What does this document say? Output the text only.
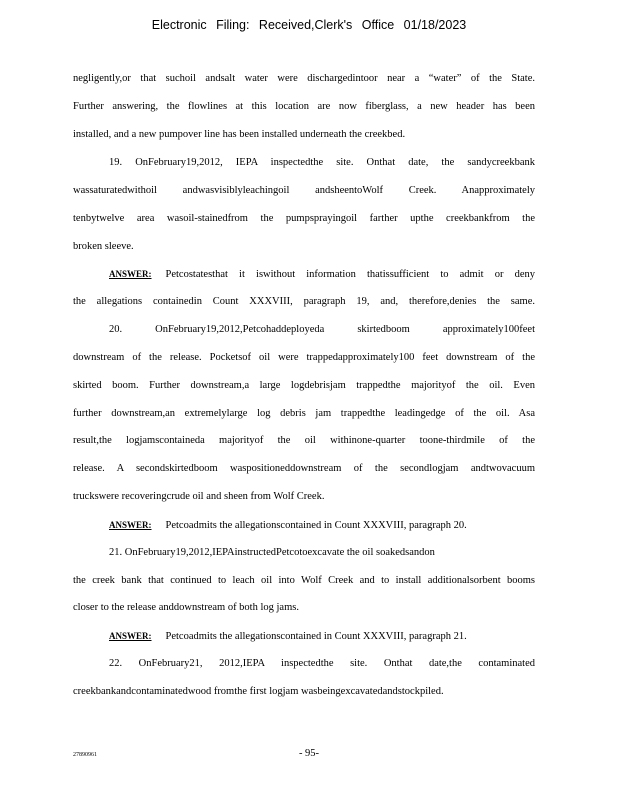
Electronic Filing: Received,Clerk's Office 01/18/2023
negligently,or that suchoil andsalt water were dischargedintoor near a “water” of the State.
Further answering, the flowlines at this location are now fiberglass, a new header has been
installed, and a new pumpover line has been installed underneath the creekbed.
19. OnFebruary19,2012, IEPA inspectedthe site. Onthat date, the sandycreekbank
wassaturatedwithoil andwasvisiblyleachingoil andsheentoWolf Creek. Anapproximately
tenbytwelve area wasoil-stainedfrom the pumpsprayingoil farther upthe creekbankfrom the
broken sleeve.
ANSWER: Petcostatesthat it iswithout information thatissufficient to admit or deny
the allegations containedin Count XXXVIII, paragraph 19, and, therefore,denies the same.
20. OnFebruary19,2012,Petcohaddeployeda skirtedboom approximately100feet
downstream of the release. Pocketsof oil were trappedapproximately100 feet downstream of the
skirted boom. Further downstream,a large logdebrisjam trappedthe majorityof the oil. Even
further downstream,an extremelylarge log debris jam trappedthe leadingedge of the oil. Asa
result,the logjamscontaineda majorityof the oil withinone-quarter toone-thirdmile of the
release. A secondskirtedboom waspositioneddownstream of the secondlogjam andtwovacuum
truckswere recoveringcrude oil and sheen from Wolf Creek.
ANSWER: Petcoadmits the allegationscontained in Count XXXVIII, paragraph 20.
21. OnFebruary19,2012,IEPAinstructedPetcotoexcavate the oil soakedsandon
the creek bank that continued to leach oil into Wolf Creek and to install additionalsorbent booms
closer to the release anddownstream of both log jams.
ANSWER: Petcoadmits the allegationscontained in Count XXXVIII, paragraph 21.
22. OnFebruary21, 2012,IEPA inspectedthe site. Onthat date,the contaminated
creekbankandcontaminatedwood fromthe first logjam wasbeingexcavatedandstockpiled.
27890961	- 95-
